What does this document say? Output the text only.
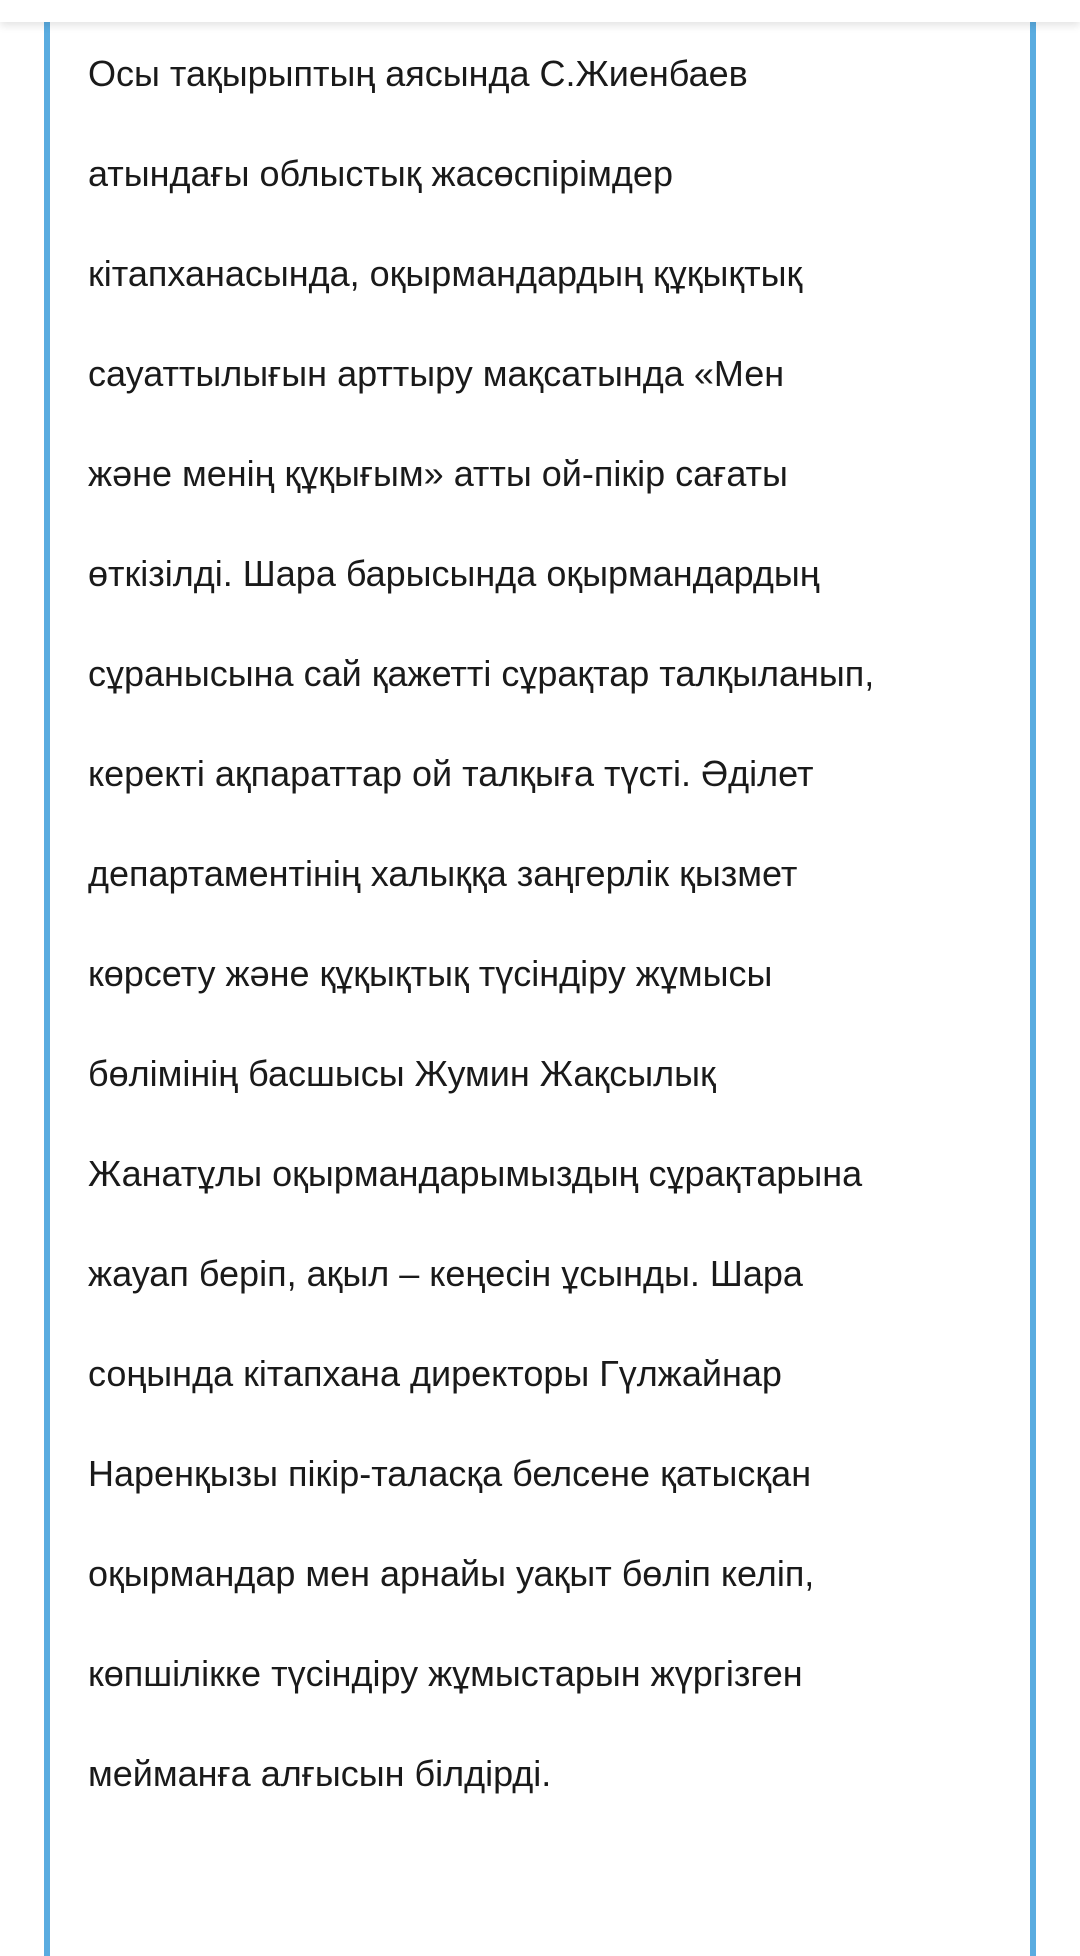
Осы тақырыптың аясында С.Жиенбаев
атындағы облыстық жасөспірімдер
кітапханасында, оқырмандардың құқықтық
сауаттылығын арттыру мақсатында «Мен
және менің құқығым» атты ой-пікір сағаты
өткізілді. Шара барысында оқырмандардың
сұранысына сай қажетті сұрақтар талқыланып,
керекті ақпараттар ой талқыға түсті. Әділет
департаментінің халыққа заңгерлік қызмет
көрсету және құқықтық түсіндіру жұмысы
бөлімінің басшысы Жумин Жақсылық
Жанатұлы оқырмандарымыздың сұрақтарына
жауап беріп, ақыл – кеңесін ұсынды. Шара
соңында кітапхана директоры Гүлжайнар
Наренқызы пікір-таласқа белсене қатысқан
оқырмандар мен арнайы уақыт бөліп келіп,
көпшілікке түсіндіру жұмыстарын жүргізген
мейманға алғысын білдірді.
